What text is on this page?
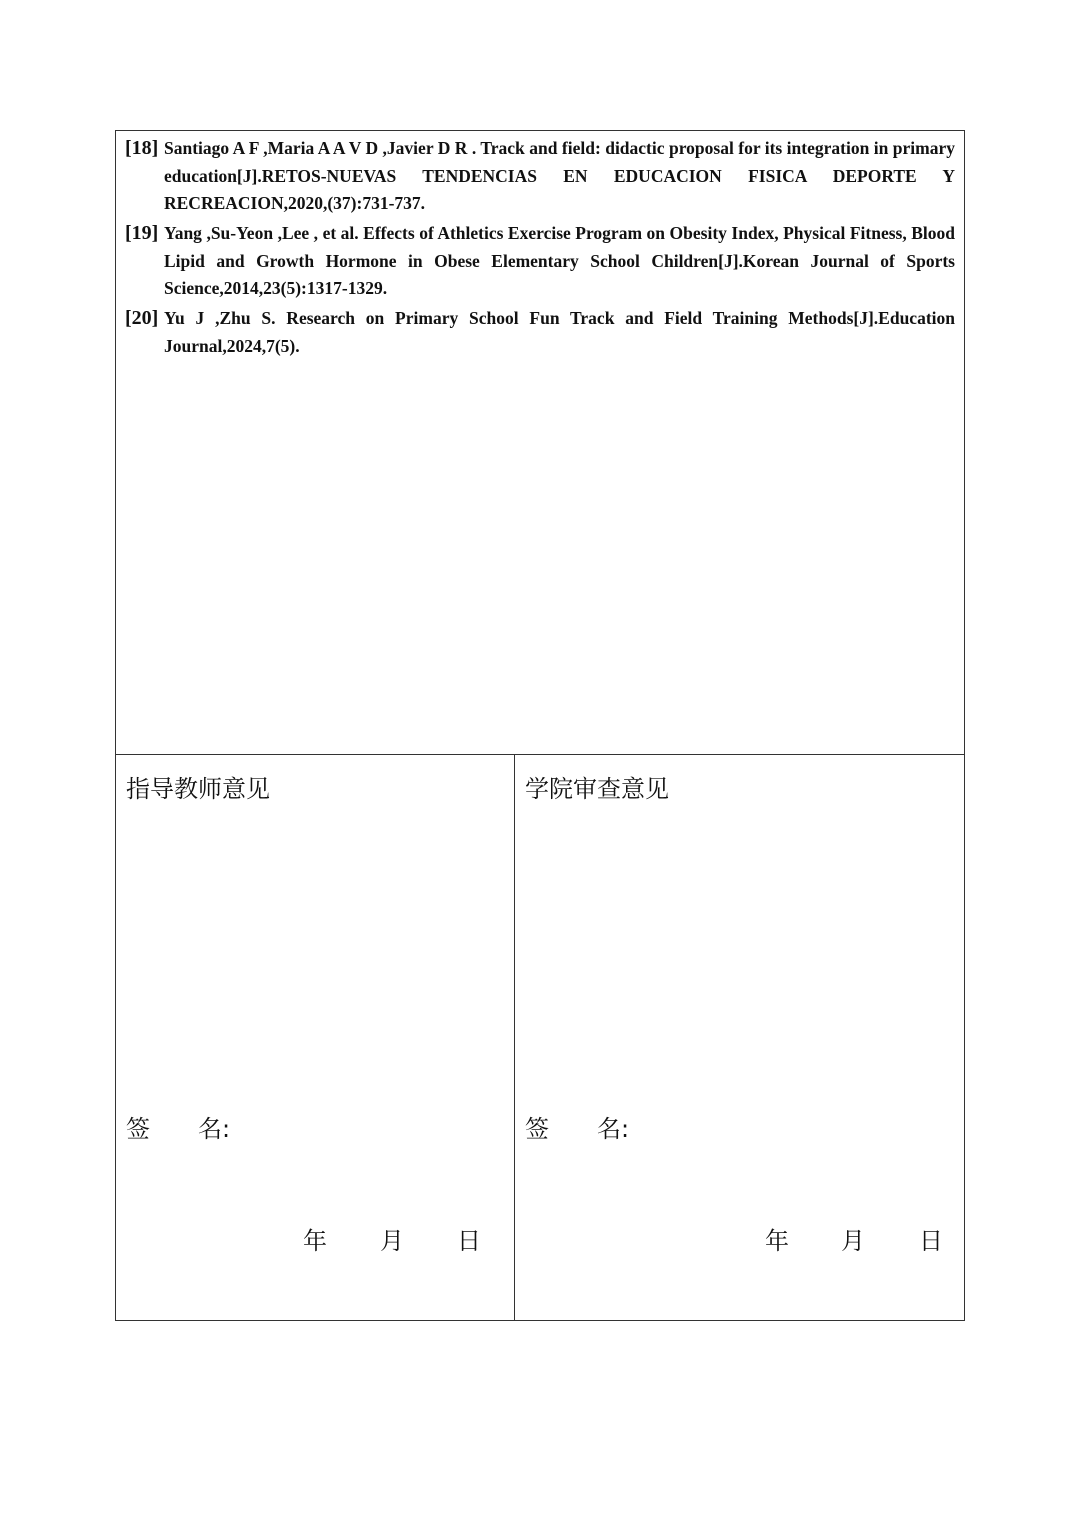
[18] Santiago A F ,Maria A A V D ,Javier D R . Track and field: didactic proposal for its integration in primary education[J].RETOS-NUEVAS TENDENCIAS EN EDUCACION FISICA DEPORTE Y RECREACION,2020,(37):731-737.
[19] Yang ,Su-Yeon ,Lee , et al. Effects of Athletics Exercise Program on Obesity Index, Physical Fitness, Blood Lipid and Growth Hormone in Obese Elementary School Children[J].Korean Journal of Sports Science,2014,23(5):1317-1329.
[20] Yu J ,Zhu S. Research on Primary School Fun Track and Field Training Methods[J].Education Journal,2024,7(5).
指导教师意见
签 名:
年 月 日
学院审查意见
签 名:
年 月 日
